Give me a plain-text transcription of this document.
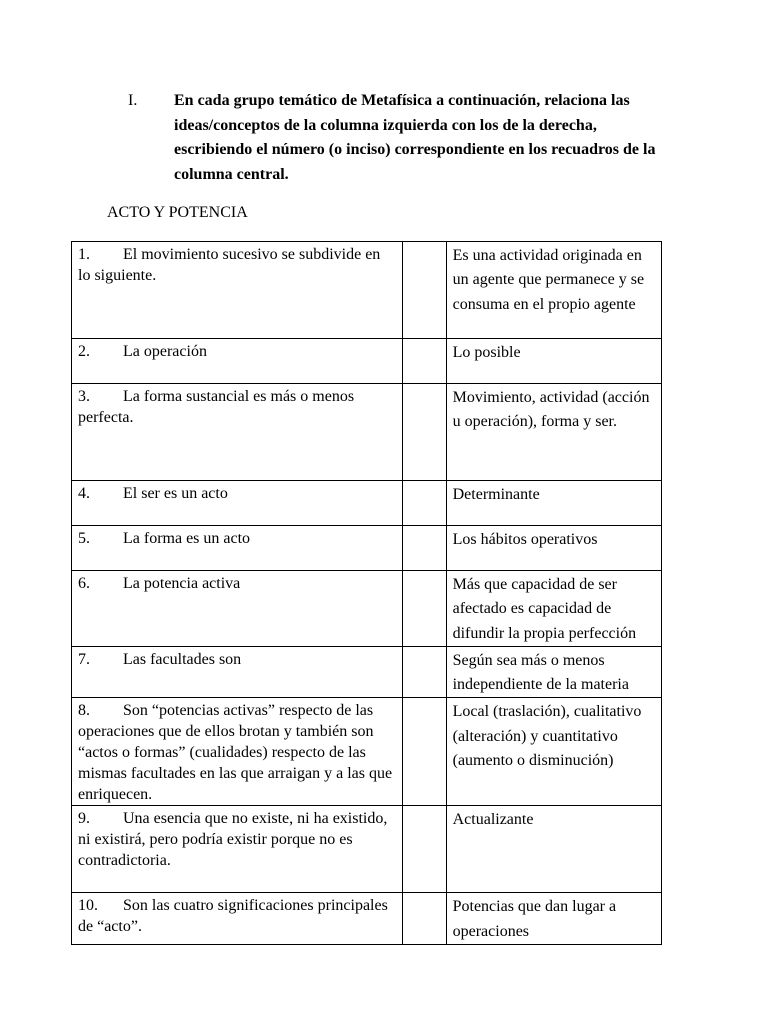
I.	En cada grupo temático de Metafísica a continuación, relaciona las ideas/conceptos de la columna izquierda con los de la derecha, escribiendo el número (o inciso) correspondiente en los recuadros de la columna central.
ACTO Y POTENCIA
1. El movimiento sucesivo se subdivide en lo siguiente.		Es una actividad originada en un agente que permanece y se consuma en el propio agente
2. La operación		Lo posible
3. La forma sustancial es más o menos perfecta.		Movimiento, actividad (acción u operación), forma y ser.
4. El ser es un acto		Determinante
5. La forma es un acto		Los hábitos operativos
6. La potencia activa		Más que capacidad de ser afectado es capacidad de difundir la propia perfección
7. Las facultades son		Según sea más o menos independiente de la materia
8. Son “potencias activas” respecto de las operaciones que de ellos brotan y también son “actos o formas” (cualidades) respecto de las mismas facultades en las que arraigan y a las que enriquecen.		Local (traslación), cualitativo (alteración) y cuantitativo (aumento o disminución)
9. Una esencia que no existe, ni ha existido, ni existirá, pero podría existir porque no es contradictoria.		Actualizante
10. Son las cuatro significaciones principales de “acto”.		Potencias que dan lugar a operaciones
